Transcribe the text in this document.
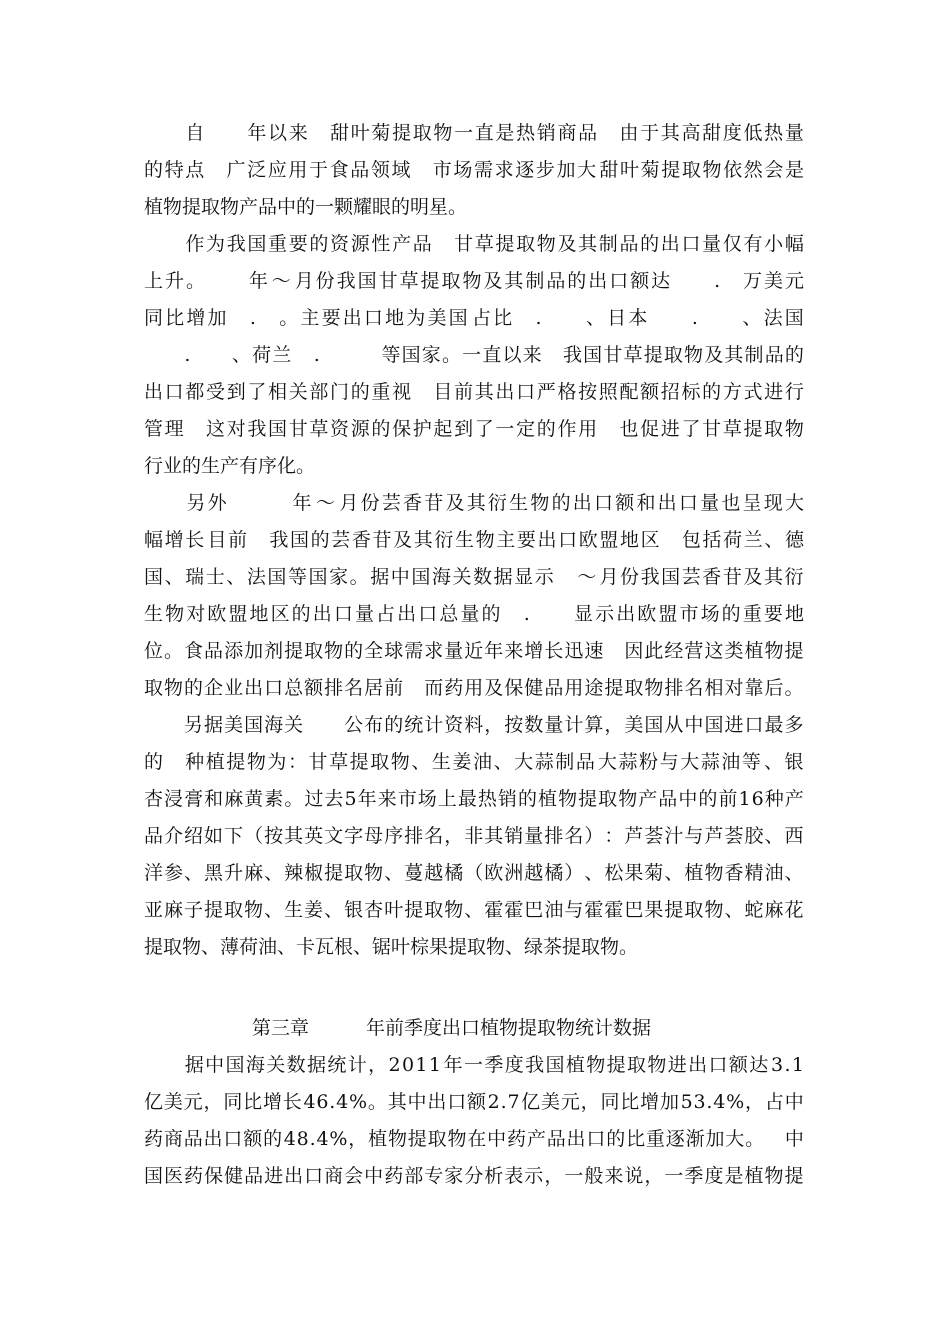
自

　 年 以 来
　 甜 叶 菊 提 取 物 一 直 是 热 销 商 品
　 由 于 其 高 甜 度 低 热 量
的 特 点
　 广 泛 应 用 于 食 品 领 域
　 市 场 需 求 逐 步 加 大 甜 叶 菊 提 取 物 依 然 会 是
植物提取物产品中的一颗耀眼的明星。

作 为 我 国 重 要 的 资 源 性 产 品
　 甘 草 提 取 物 及 其 制 品 的 出 口 量 仅 有 小 幅
上 升 。

　 年 ～ 月 份 我 国 甘 草 提 取 物 及 其 制 品 的 出 口 额 达

　 .
　 万 美 元
同 比 增 加
　 .
　 。 主 要 出 口 地 为 美 国 占 比
　 .

　 、 日 本

　 .

　 、 法 国

.

　 、 荷 兰
　 .

　	等 国 家 。 一 直 以 来
　 我 国 甘 草 提 取 物 及 其 制 品 的
出 口 都 受 到 了 相 关 部 门 的 重 视
　 目 前 其 出 口 严 格 按 照 配 额 招 标 的 方 式 进 行
管 理
　 这 对 我 国 甘 草 资 源 的 保 护 起 到 了 一 定 的 作 用
　 也 促 进 了 甘 草 提 取 物
行业的生产有序化。

另 外

　	年 ～ 月 份 芸 香 苷 及 其 衍 生 物 的 出 口 额 和 出 口 量 也 呈 现 大
幅 增 长 目 前
　 我 国 的 芸 香 苷 及 其 衍 生 物 主 要 出 口 欧 盟 地 区
　 包 括 荷 兰 、 德
国 、 瑞 士 、 法 国 等 国 家 。 据 中 国 海 关 数 据 显 示
　 ～ 月 份 我 国 芸 香 苷 及 其 衍
生 物 对 欧 盟 地 区 的 出 口 量 占 出 口 总 量 的
　 .

　 显 示 出 欧 盟 市 场 的 重 要 地
位 。 食 品 添 加 剂 提 取 物 的 全 球 需 求 量 近 年 来 增 长 迅 速
　 因 此 经 营 这 类 植 物 提
取 物 的 企 业 出 口 总 额 排 名 居 前
　 而 药 用 及 保 健 品 用 途 提 取 物 排 名 相 对 靠 后 。

另 据 美 国 海 关

　 公 布 的 统 计 资 料 ， 按 数 量 计 算 ， 美 国 从 中 国 进 口 最 多
的
　 种 植 提 物 为 ： 甘 草 提 取 物 、 生 姜 油 、 大 蒜 制 品 大 蒜 粉 与 大 蒜 油 等 、 银
杏 浸 膏 和 麻 黄 素 。 过 去 5 年 来 市 场 上 最 热 销 的 植 物 提 取 物 产 品 中 的 前 1 6 种 产
品 介 绍 如 下 （ 按 其 英 文 字 母 序 排 名 ， 非 其 销 量 排 名 ） ： 芦 荟 汁 与 芦 荟 胶 、 西
洋 参 、 黑 升 麻 、 辣 椒 提 取 物 、 蔓 越 橘 （ 欧 洲 越 橘 ） 、 松 果 菊 、 植 物 香 精 油 、
亚 麻 子 提 取 物 、 生 姜 、 银 杏 叶 提 取 物 、 霍 霍 巴 油 与 霍 霍 巴 果 提 取 物 、 蛇 麻 花
提取物、薄荷油、卡瓦根、锯叶棕果提取物、绿茶提取物。

第三章

	年前季度出口植物提取物统计数据

据 中 国 海 关 数 据 统 计 ， 2 0 1 1 年 一 季 度 我 国 植 物 提 取 物 进 出 口 额 达 3 . 1
亿 美 元 ， 同 比 增 长 4 6 . 4 % 。 其 中 出 口 额 2 . 7 亿 美 元 ， 同 比 增 加 5 3 . 4 % ， 占 中
药 商 品 出 口 额 的 4 8 . 4 % ， 植 物 提 取 物 在 中 药 产 品 出 口 的 比 重 逐 渐 加 大 。
　 中
国 医 药 保 健 品 进 出 口 商 会 中 药 部 专 家 分 析 表 示 ， 一 般 来 说 ， 一 季 度 是 植 物 提
